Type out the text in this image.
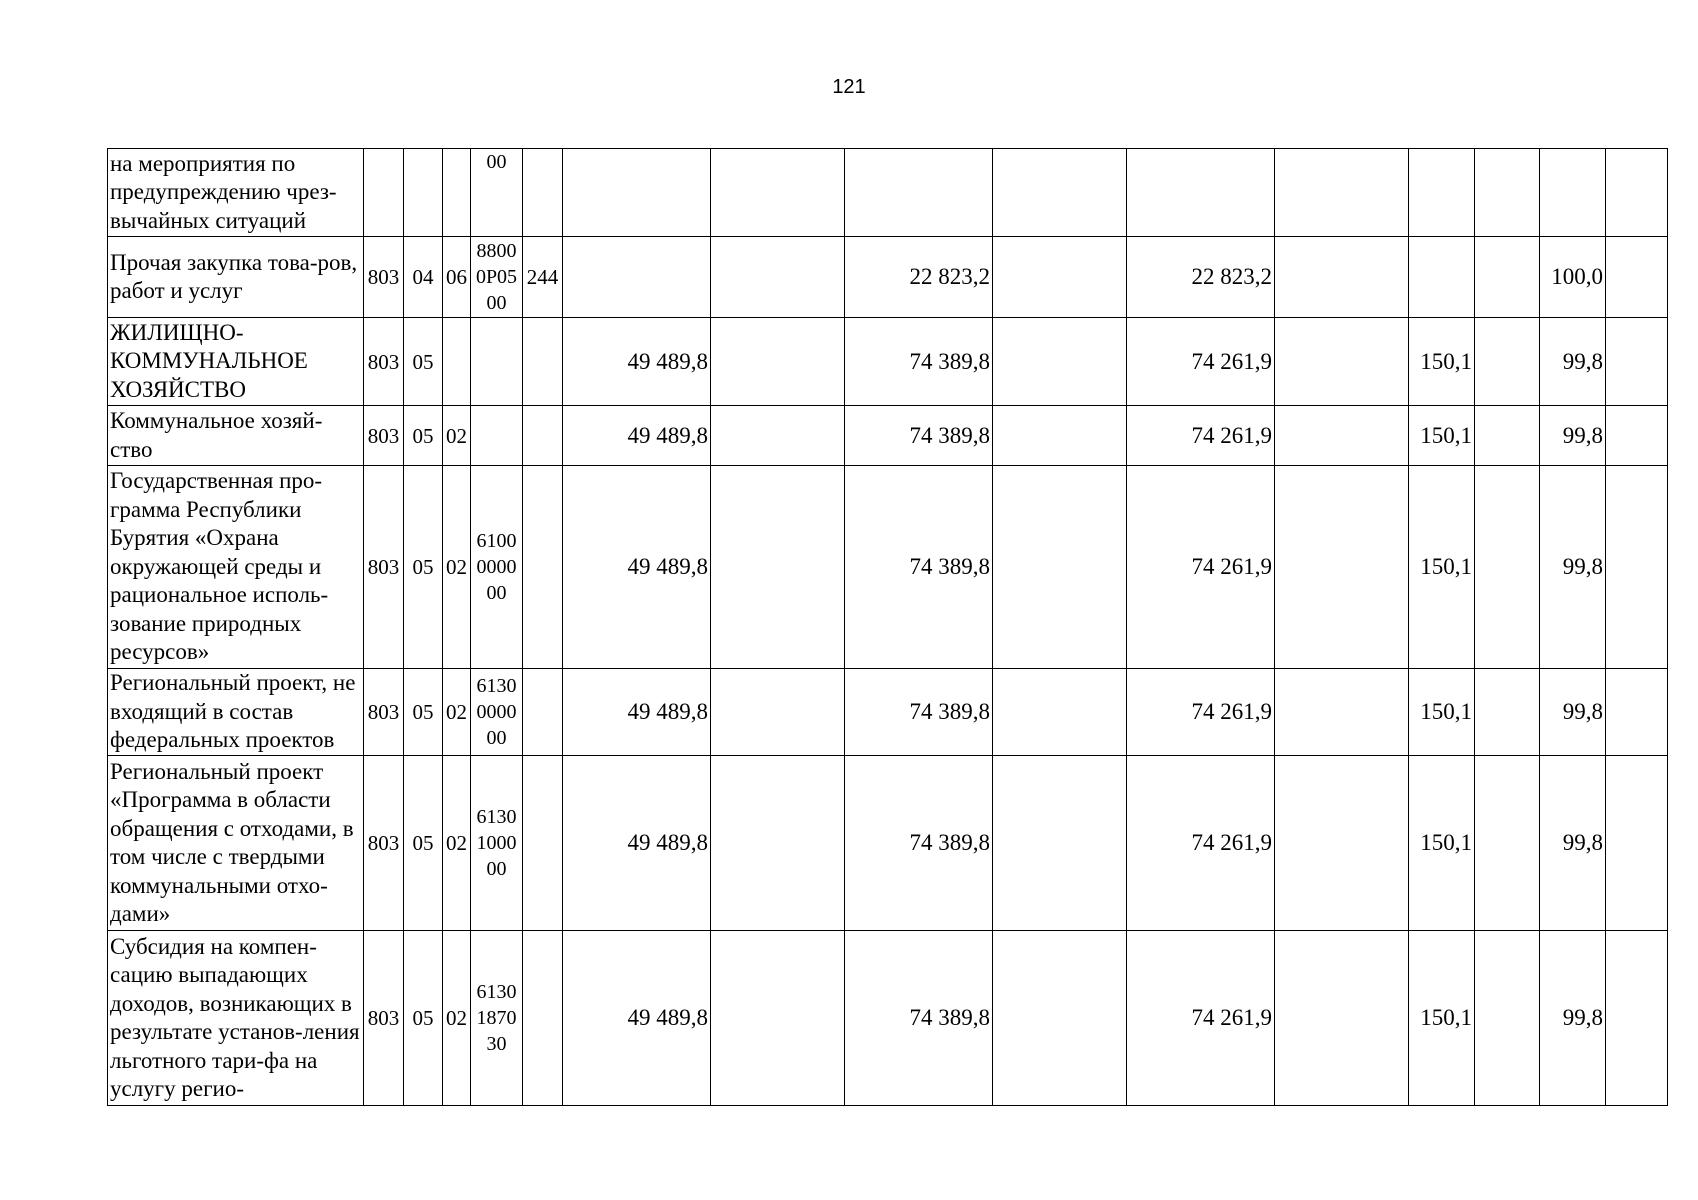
121
на мероприятия по предупреждению чрез-вычайных ситуаций				00											
Прочая закупка това-ров, работ и услуг	803	04	06	88000P0500	244			22 823,2		22 823,2				100,0	
ЖИЛИЩНО-КОММУНАЛЬНОЕ ХОЗЯЙСТВО	803	05				49 489,8		74 389,8		74 261,9		150,1		99,8	
Коммунальное хозяй-ство	803	05	02			49 489,8		74 389,8		74 261,9		150,1		99,8	
Государственная про-грамма Республики Бурятия «Охрана окружающей среды и рациональное исполь-зование природных ресурсов»	803	05	02	6100000000		49 489,8		74 389,8		74 261,9		150,1		99,8	
Региональный проект, не входящий в состав федеральных проектов	803	05	02	6130000000		49 489,8		74 389,8		74 261,9		150,1		99,8	
Региональный проект «Программа в области обращения с отходами, в том числе с твердыми коммунальными отхо-дами»	803	05	02	6130100000		49 489,8		74 389,8		74 261,9		150,1		99,8	
Субсидия на компен-сацию выпадающих доходов, возникающих в результате установ-ления льготного тари-фа на услугу регио-	803	05	02	6130187030		49 489,8		74 389,8		74 261,9		150,1		99,8	
